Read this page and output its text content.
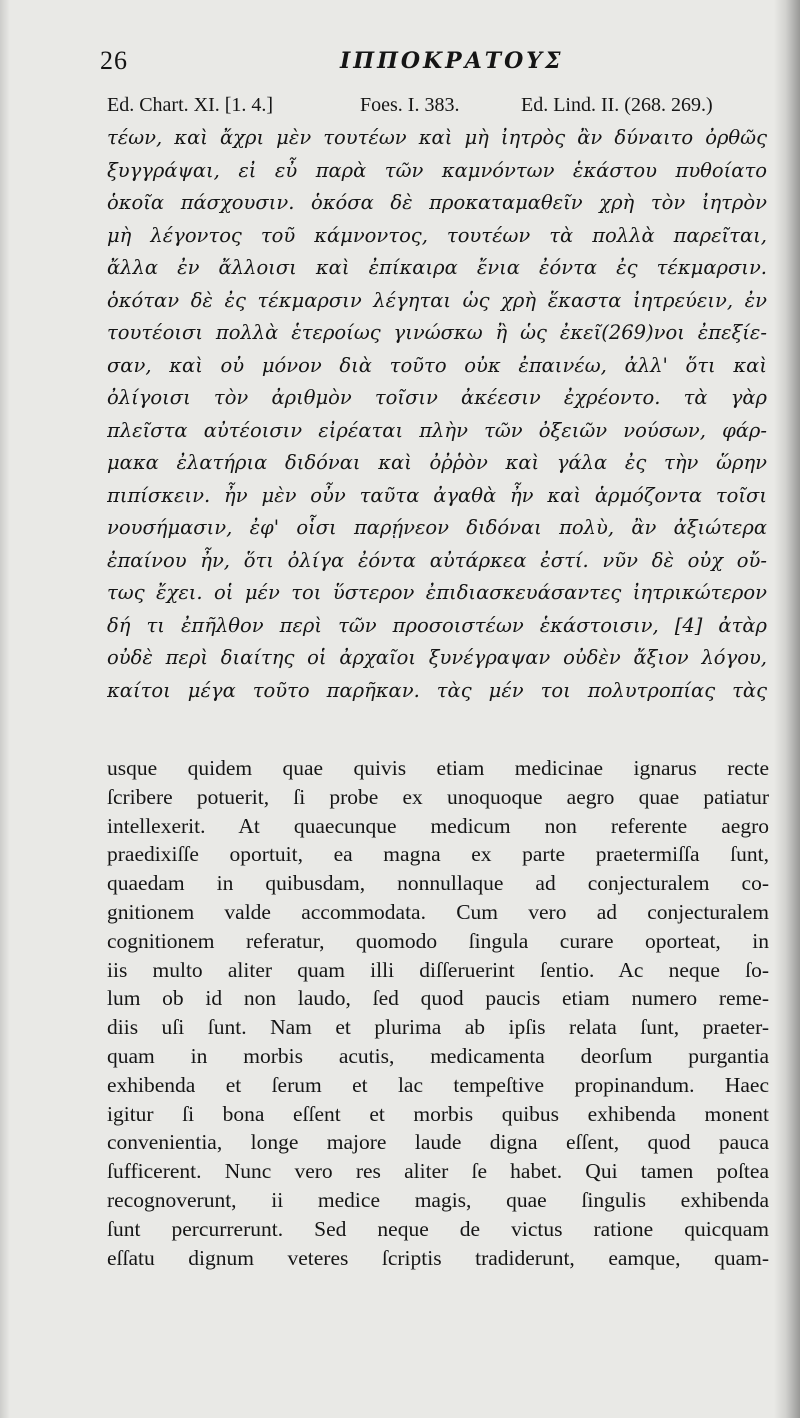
26	ΙΠΠΟΚΡΑΤΟΥΣ
Ed. Chart. XI. [1. 4.]	Foes. I. 383.	Ed. Lind. II. (268. 269.)
τέων, καὶ ἄχρι μὲν τουτέων καὶ μὴ ἰητρὸς ἂν δύναιτο ὀρθῶς
ξυγγράψαι, εἰ εὖ παρὰ τῶν καμνόντων ἑκάστου πυθοίατο
ὁκοῖα πάσχουσιν. ὁκόσα δὲ προκαταμαθεῖν χρὴ τὸν ἰητρὸν
μὴ λέγοντος τοῦ κάμνοντος, τουτέων τὰ πολλὰ παρεῖται,
ἄλλα ἐν ἄλλοισι καὶ ἐπίκαιρα ἔνια ἐόντα ἐς τέκμαρσιν.
ὁκόταν δὲ ἐς τέκμαρσιν λέγηται ὡς χρὴ ἕκαστα ἰητρεύειν, ἐν
τουτέοισι πολλὰ ἑτεροίως γινώσκω ἢ ὡς ἐκεῖ(269)νοι ἐπεξίε-
σαν, καὶ οὐ μόνον διὰ τοῦτο οὐκ ἐπαινέω, ἀλλ' ὅτι καὶ
ὀλίγοισι τὸν ἀριθμὸν τοῖσιν ἀκέεσιν ἐχρέοντο. τὰ γὰρ
πλεῖστα αὐτέοισιν εἰρέαται πλὴν τῶν ὀξειῶν νούσων, φάρ-
μακα ἐλατήρια διδόναι καὶ ὀῤῥὸν καὶ γάλα ἐς τὴν ὥρην
πιπίσκειν. ἦν μὲν οὖν ταῦτα ἀγαθὰ ἦν καὶ ἁρμόζοντα τοῖσι
νουσήμασιν, ἐφ' οἷσι παρῄνεον διδόναι πολὺ, ἂν ἀξιώτερα
ἐπαίνου ἦν, ὅτι ὀλίγα ἐόντα αὐτάρκεα ἐστί. νῦν δὲ οὐχ οὔ-
τως ἔχει. οἱ μέν τοι ὕστερον ἐπιδιασκευάσαντες ἰητρικώτερον
δή τι ἐπῆλθον περὶ τῶν προσοιστέων ἑκάστοισιν, [4] ἀτὰρ
οὐδὲ περὶ διαίτης οἱ ἀρχαῖοι ξυνέγραψαν οὐδὲν ἄξιον λόγου,
καίτοι μέγα τοῦτο παρῆκαν. τὰς μέν τοι πολυτροπίας τὰς
usque quidem quae quivis etiam medicinae ignarus recte
ſcribere potuerit, ſi probe ex unoquoque aegro quae patiatur
intellexerit. At quaecunque medicum non referente aegro
praedixiſſe oportuit, ea magna ex parte praetermiſſa ſunt,
quaedam in quibusdam, nonnullaque ad conjecturalem co-
gnitionem valde accommodata. Cum vero ad conjecturalem
cognitionem referatur, quomodo ſingula curare oporteat, in
iis multo aliter quam illi diſſeruerint ſentio. Ac neque ſo-
lum ob id non laudo, ſed quod paucis etiam numero reme-
diis uſi ſunt. Nam et plurima ab ipſis relata ſunt, praeter-
quam in morbis acutis, medicamenta deorſum purgantia
exhibenda et ſerum et lac tempeſtive propinandum. Haec
igitur ſi bona eſſent et morbis quibus exhibenda monent
convenientia, longe majore laude digna eſſent, quod pauca
ſufficerent. Nunc vero res aliter ſe habet. Qui tamen poſtea
recognoverunt, ii medice magis, quae ſingulis exhibenda
ſunt percurrerunt. Sed neque de victus ratione quicquam
eſſatu dignum veteres ſcriptis tradiderunt, eamque, quam-
